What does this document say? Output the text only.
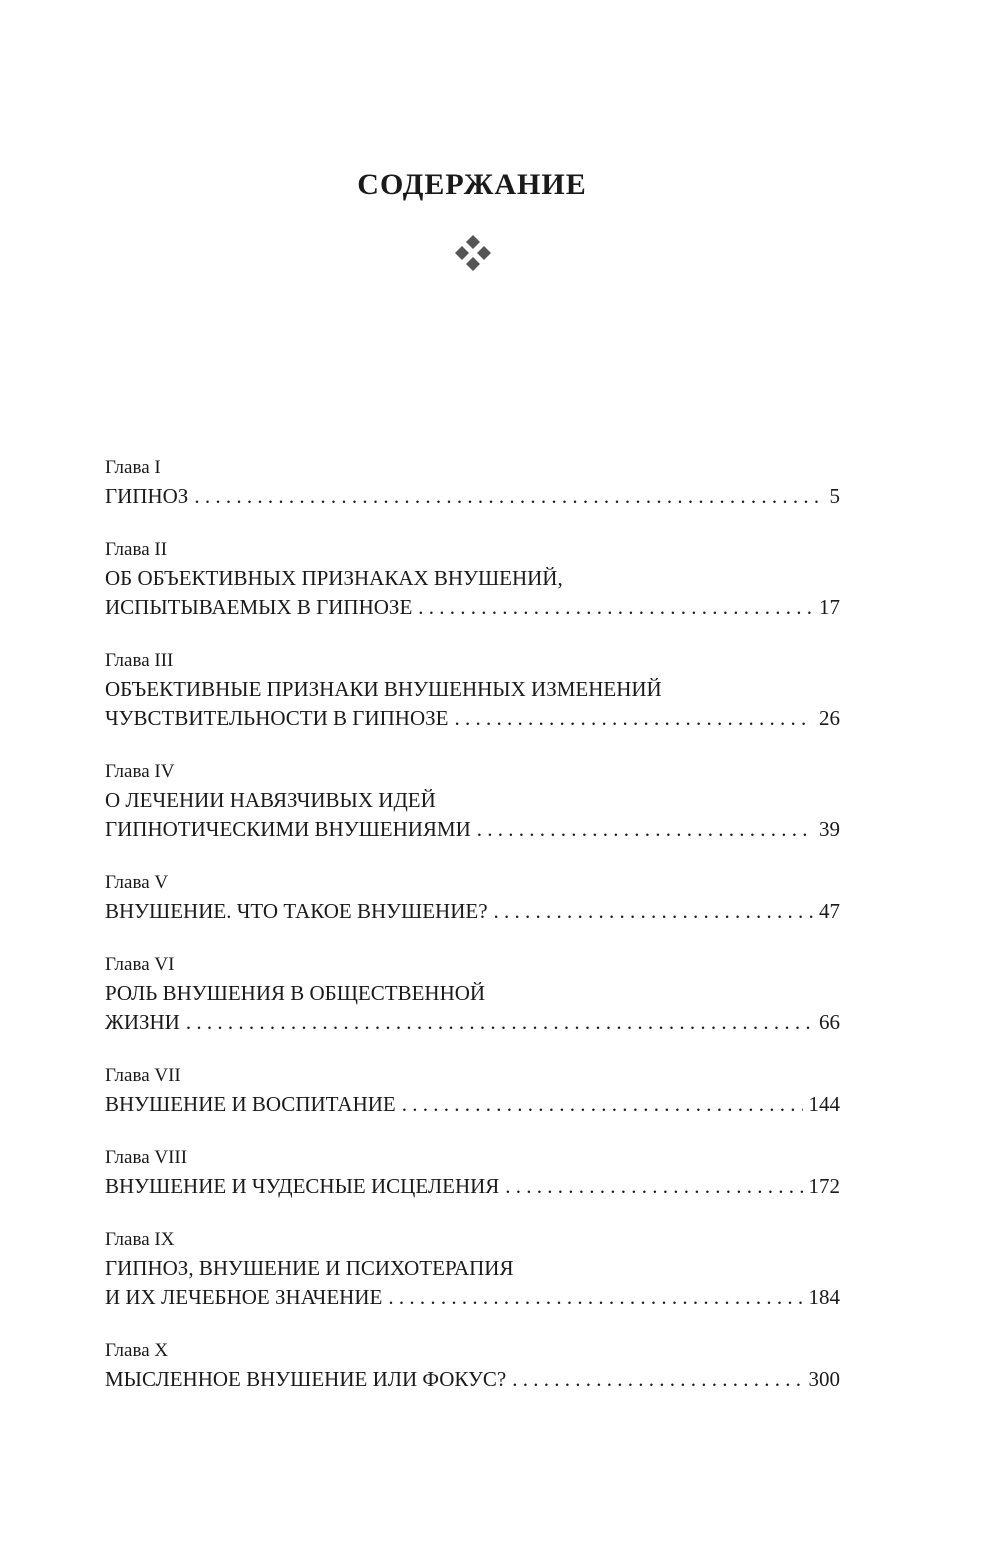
СОДЕРЖАНИЕ
Глава I
ГИПНОЗ . . .	5
Глава II
ОБ ОБЪЕКТИВНЫХ ПРИЗНАКАХ ВНУШЕНИЙ,
ИСПЫТЫВАЕМЫХ В ГИПНОЗЕ . . .	17
Глава III
ОБЪЕКТИВНЫЕ ПРИЗНАКИ ВНУШЕННЫХ ИЗМЕНЕНИЙ
ЧУВСТВИТЕЛЬНОСТИ В ГИПНОЗЕ . . .	26
Глава IV
О ЛЕЧЕНИИ НАВЯЗЧИВЫХ ИДЕЙ
ГИПНОТИЧЕСКИМИ ВНУШЕНИЯМИ . . .	39
Глава V
ВНУШЕНИЕ. ЧТО ТАКОЕ ВНУШЕНИЕ? . . .	47
Глава VI
РОЛЬ ВНУШЕНИЯ В ОБЩЕСТВЕННОЙ
ЖИЗНИ . . .	66
Глава VII
ВНУШЕНИЕ И ВОСПИТАНИЕ . . .	144
Глава VIII
ВНУШЕНИЕ И ЧУДЕСНЫЕ ИСЦЕЛЕНИЯ . . .	172
Глава IX
ГИПНОЗ, ВНУШЕНИЕ И ПСИХОТЕРАПИЯ
И ИХ ЛЕЧЕБНОЕ ЗНАЧЕНИЕ . . .	184
Глава X
МЫСЛЕННОЕ ВНУШЕНИЕ ИЛИ ФОКУС? . . .	300
